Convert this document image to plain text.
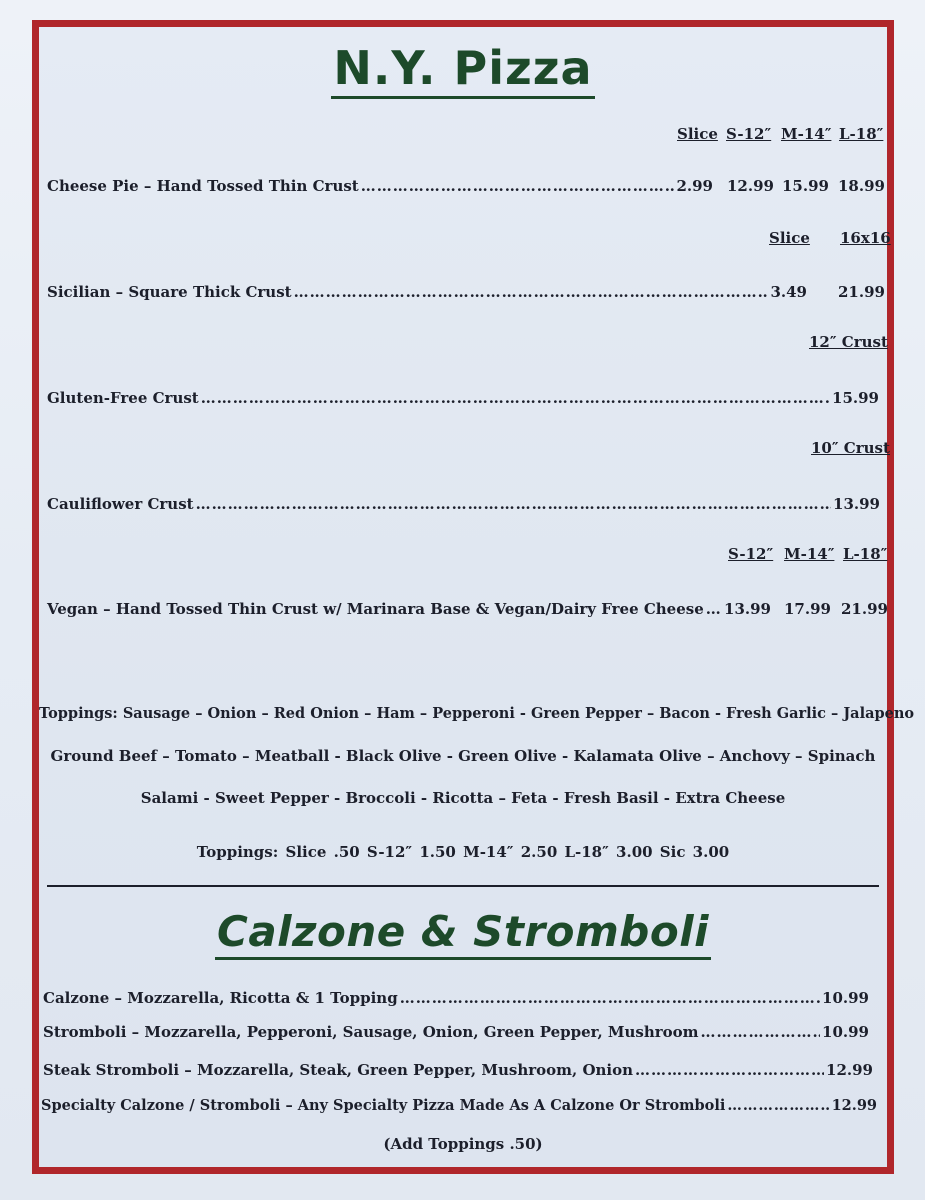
N.Y. Pizza
Slice S-12″ M-14″ L-18″
Cheese Pie – Hand Tossed Thin Crust …………………………………………………………………………………………………………………………………………………………………………………………	2.99 12.99 15.99 18.99
Slice 16x16
Sicilian – Square Thick Crust …………………………………………………………………………………………………………………………………………………………………………………………	3.49 21.99
12″ Crust
Gluten-Free Crust …………………………………………………………………………………………………………………………………………………………………………………………	15.99
10″ Crust
Cauliflower Crust …………………………………………………………………………………………………………………………………………………………………………………………	13.99
S-12″ M-14″ L-18″
Vegan – Hand Tossed Thin Crust w/ Marinara Base & Vegan/Dairy Free Cheese ………………………………………………………………………………………………………………………………………………………………………………………… 13.99 17.99 21.99
Toppings: Sausage – Onion – Red Onion – Ham – Pepperoni - Green Pepper – Bacon - Fresh Garlic – Jalapeno
Ground Beef – Tomato – Meatball - Black Olive - Green Olive - Kalamata Olive – Anchovy – Spinach
Salami - Sweet Pepper - Broccoli - Ricotta – Feta - Fresh Basil - Extra Cheese
Toppings: Slice .50 S-12″ 1.50 M-14″ 2.50 L-18″ 3.00 Sic 3.00
Calzone & Stromboli
Calzone – Mozzarella, Ricotta & 1 Topping …………………………………………………………………………………………………………………………………………………………………………………………	10.99
Stromboli – Mozzarella, Pepperoni, Sausage, Onion, Green Pepper, Mushroom …………………………………………………………………………………………………………………………………………………………………………………………	10.99
Steak Stromboli – Mozzarella, Steak, Green Pepper, Mushroom, Onion …………………………………………………………………………………………………………………………………………………………………………………………	12.99
Specialty Calzone / Stromboli – Any Specialty Pizza Made As A Calzone Or Stromboli …………………………………………………………………………………………………………………………………………………………………………………………	12.99
(Add Toppings .50)
